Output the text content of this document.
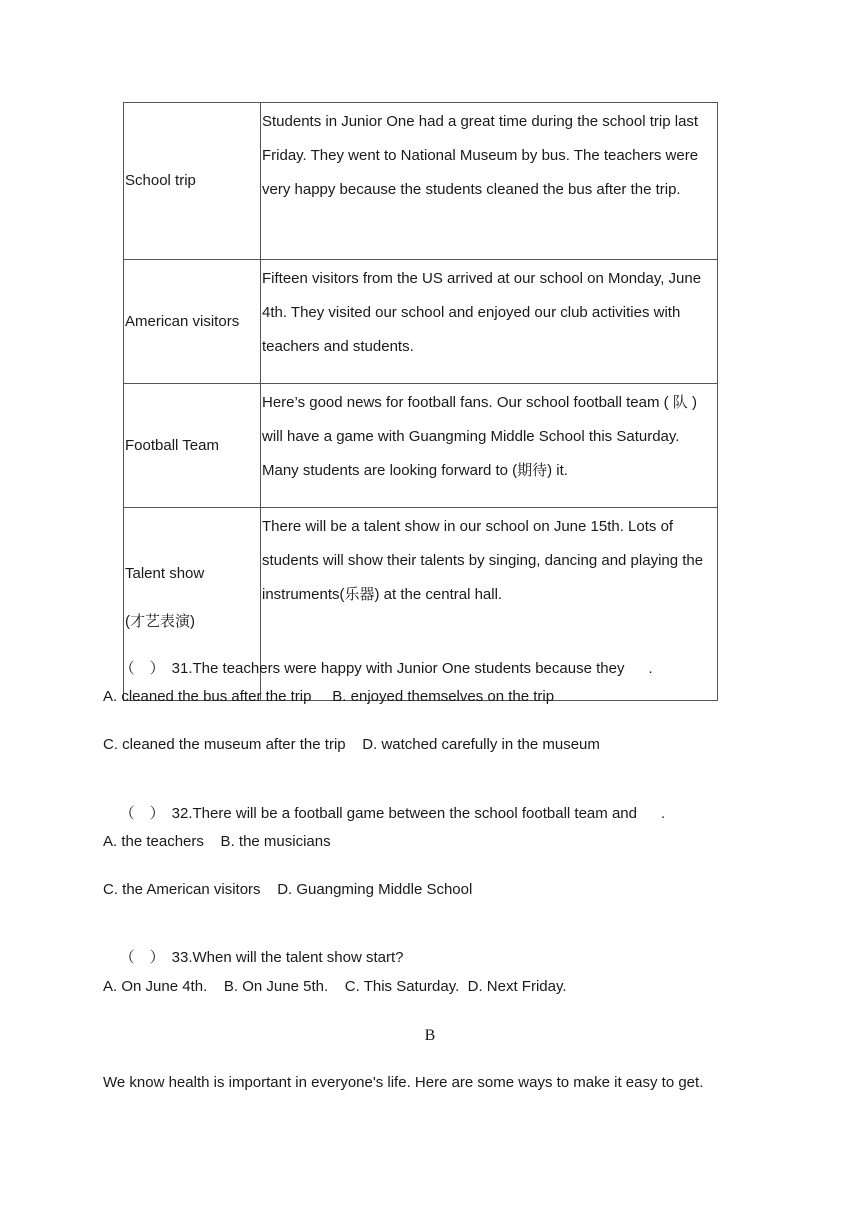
School trip	Students in Junior One had a great time during the school trip last Friday. They went to National Museum by bus. The teachers were very happy because the students cleaned the bus after the trip.
American visitors	Fifteen visitors from the US arrived at our school on Monday, June 4th. They visited our school and enjoyed our club activities with teachers and students.
Football Team	Here’s good news for football fans. Our school football team ( 队 ) will have a game with Guangming Middle School this Saturday. Many students are looking forward to (期待) it.

Talent show
(才艺表演)	There will be a talent show in our school on June 15th. Lots of students will show their talents by singing, dancing and playing the instruments(乐器) at the central hall.

（　） 31.The teachers were happy with Junior One students because they .

A. cleaned the bus after the trip     B. enjoyed themselves on the trip
C. cleaned the museum after the trip    D. watched carefully in the museum

（　） 32.There will be a football game between the school football team and .

A. the teachers    B. the musicians
C. the American visitors    D. Guangming Middle School

（　） 33.When will the talent show start?

A. On June 4th.    B. On June 5th.    C. This Saturday.  D. Next Friday.
B
We know health is important in everyone's life. Here are some ways to make it easy to get.
